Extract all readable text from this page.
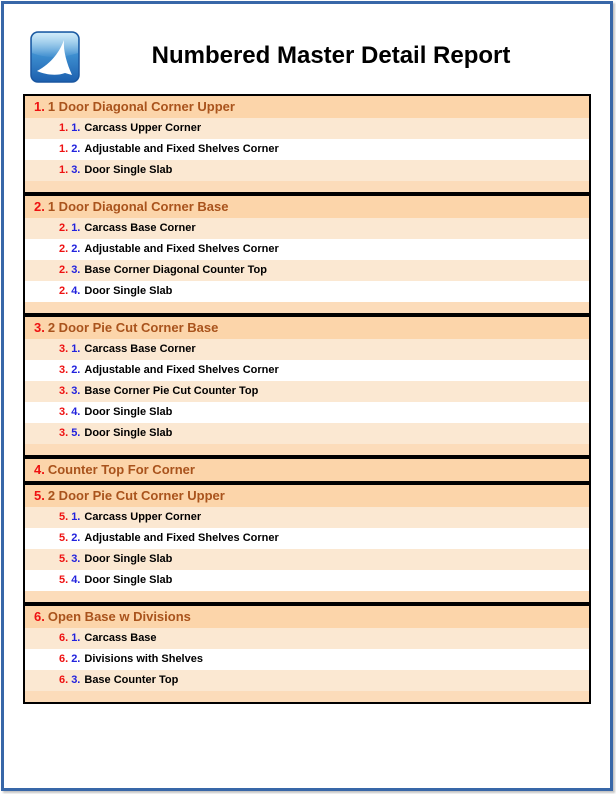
Numbered Master Detail Report
1. 1 Door Diagonal Corner Upper
1. 1. Carcass Upper Corner
1. 2. Adjustable and Fixed Shelves Corner
1. 3. Door Single Slab
2. 1 Door Diagonal Corner Base
2. 1. Carcass Base Corner
2. 2. Adjustable and Fixed Shelves Corner
2. 3. Base Corner Diagonal Counter Top
2. 4. Door Single Slab
3. 2 Door Pie Cut Corner Base
3. 1. Carcass Base Corner
3. 2. Adjustable and Fixed Shelves Corner
3. 3. Base Corner Pie Cut Counter Top
3. 4. Door Single Slab
3. 5. Door Single Slab
4. Counter Top For Corner
5. 2 Door Pie Cut Corner Upper
5. 1. Carcass Upper Corner
5. 2. Adjustable and Fixed Shelves Corner
5. 3. Door Single Slab
5. 4. Door Single Slab
6. Open Base w Divisions
6. 1. Carcass Base
6. 2. Divisions with Shelves
6. 3. Base Counter Top
